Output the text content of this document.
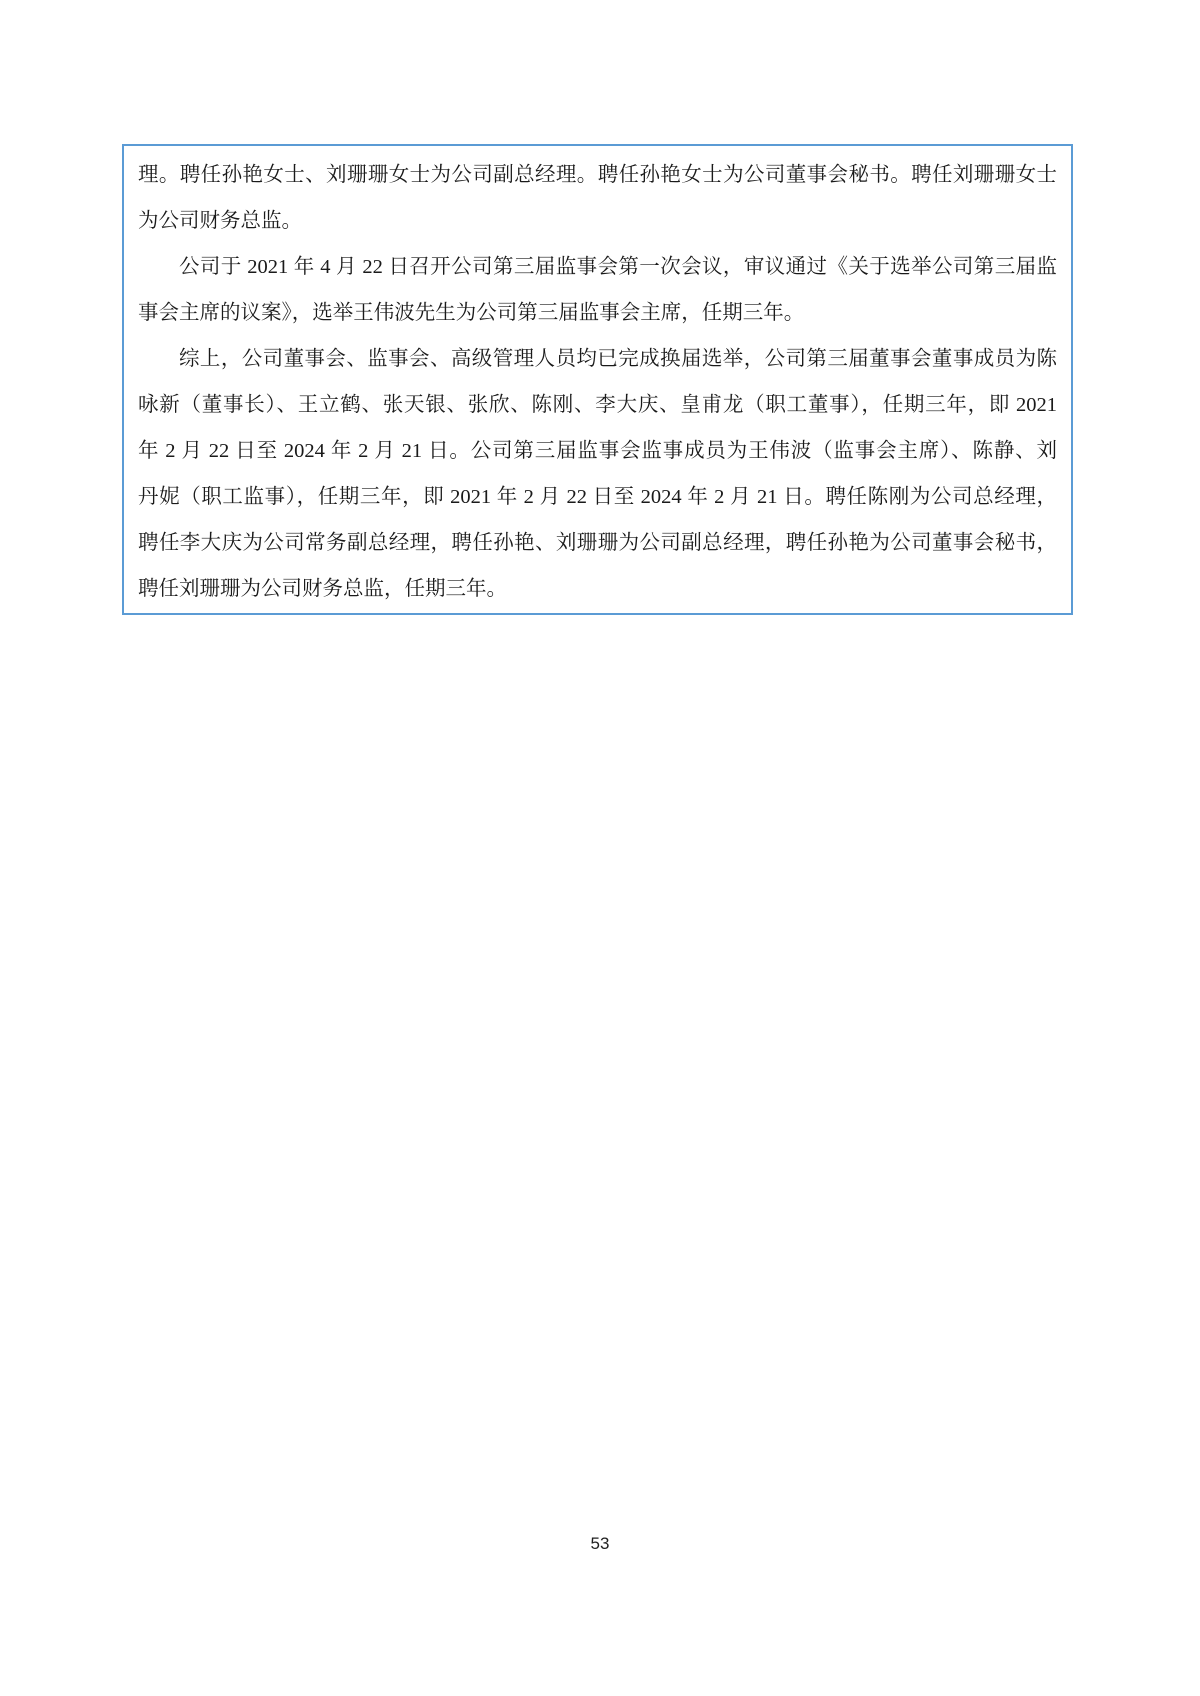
理。聘任孙艳女士、刘珊珊女士为公司副总经理。聘任孙艳女士为公司董事会秘书。聘任刘珊珊女士
为公司财务总监。
公司于 2021 年 4 月 22 日召开公司第三届监事会第一次会议，审议通过《关于选举公司第三届监
事会主席的议案》，选举王伟波先生为公司第三届监事会主席，任期三年。
综上，公司董事会、监事会、高级管理人员均已完成换届选举，公司第三届董事会董事成员为陈
咏新（董事长）、王立鹤、张天银、张欣、陈刚、李大庆、皇甫龙（职工董事），任期三年，即 2021
年 2 月 22 日至 2024 年 2 月 21 日。公司第三届监事会监事成员为王伟波（监事会主席）、陈静、刘
丹妮（职工监事），任期三年，即 2021 年 2 月 22 日至 2024 年 2 月 21 日。聘任陈刚为公司总经理，
聘任李大庆为公司常务副总经理，聘任孙艳、刘珊珊为公司副总经理，聘任孙艳为公司董事会秘书，
聘任刘珊珊为公司财务总监，任期三年。
53
